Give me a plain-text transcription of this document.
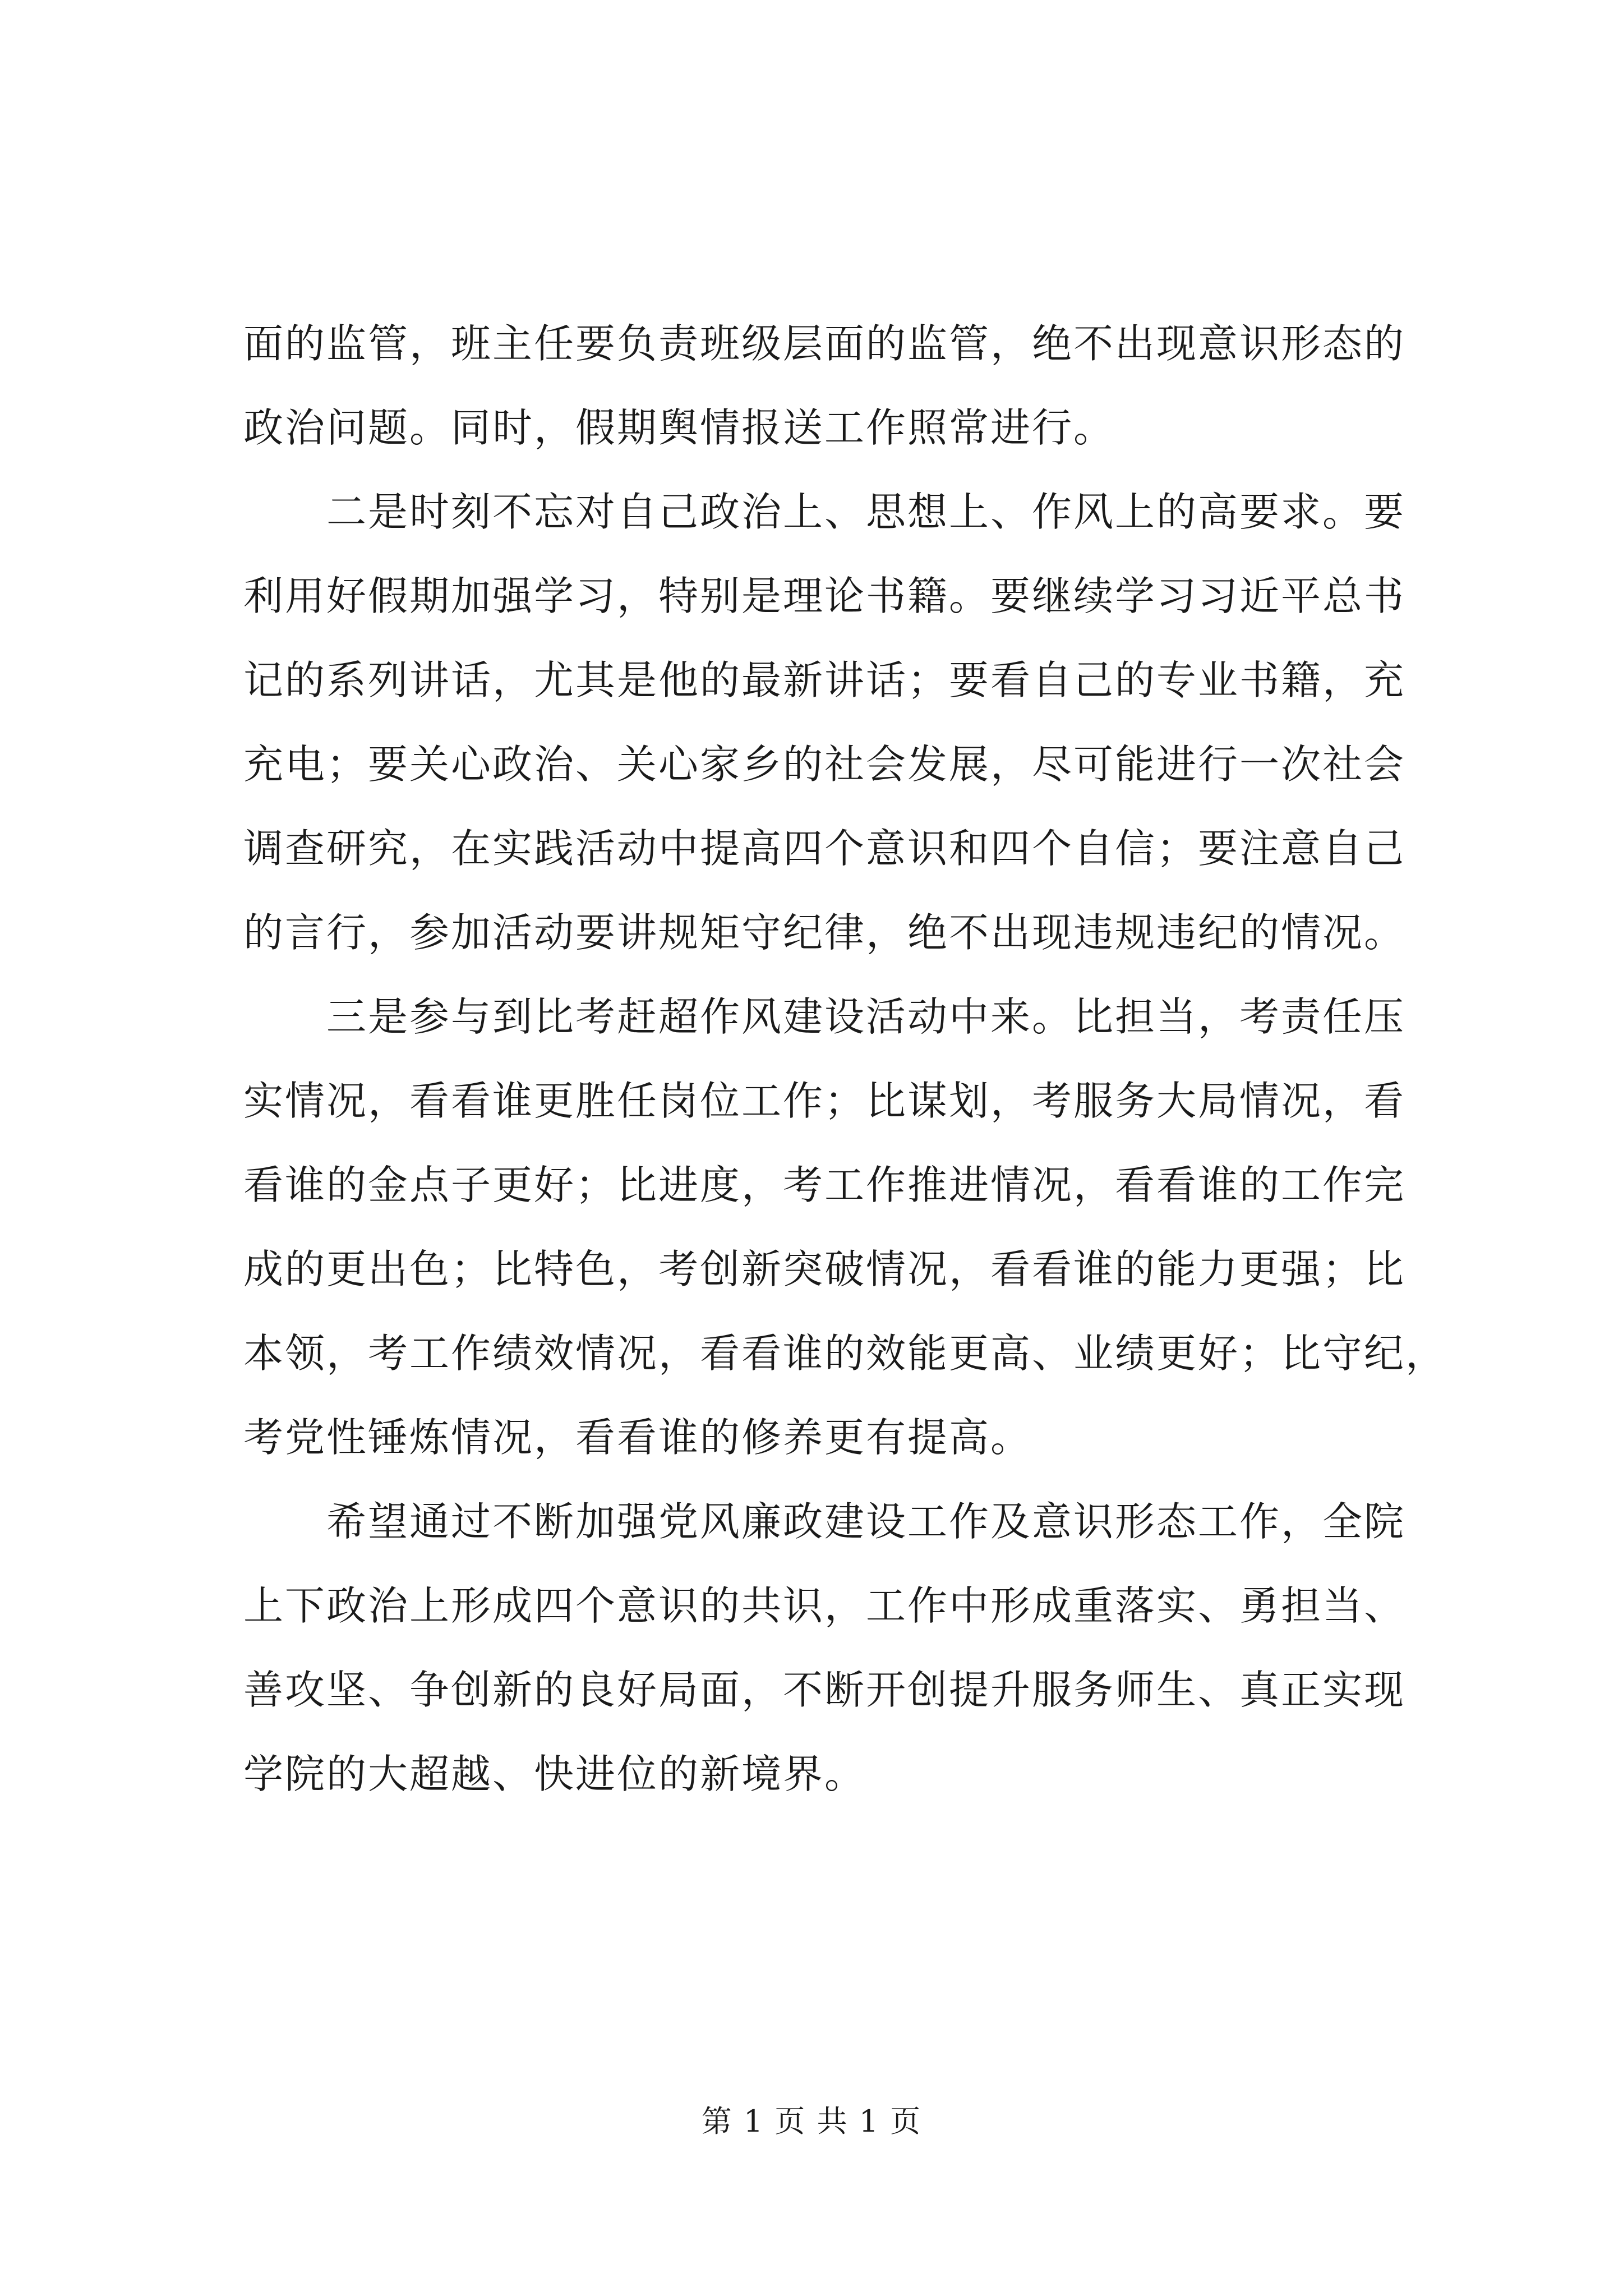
面的监管，班主任要负责班级层面的监管，绝不出现意识形态的
政治问题。同时，假期舆情报送工作照常进行。
　　二是时刻不忘对自己政治上、思想上、作风上的高要求。要
利用好假期加强学习，特别是理论书籍。要继续学习习近平总书
记的系列讲话，尤其是他的最新讲话；要看自己的专业书籍，充
充电；要关心政治、关心家乡的社会发展，尽可能进行一次社会
调查研究，在实践活动中提高四个意识和四个自信；要注意自己
的言行，参加活动要讲规矩守纪律，绝不出现违规违纪的情况。
　　三是参与到比考赶超作风建设活动中来。比担当，考责任压
实情况，看看谁更胜任岗位工作；比谋划，考服务大局情况，看
看谁的金点子更好；比进度，考工作推进情况，看看谁的工作完
成的更出色；比特色，考创新突破情况，看看谁的能力更强；比
本领，考工作绩效情况，看看谁的效能更高、业绩更好；比守纪，
考党性锤炼情况，看看谁的修养更有提高。
　　希望通过不断加强党风廉政建设工作及意识形态工作，全院
上下政治上形成四个意识的共识，工作中形成重落实、勇担当、
善攻坚、争创新的良好局面，不断开创提升服务师生、真正实现
学院的大超越、快进位的新境界。
第 1 页 共 1 页
